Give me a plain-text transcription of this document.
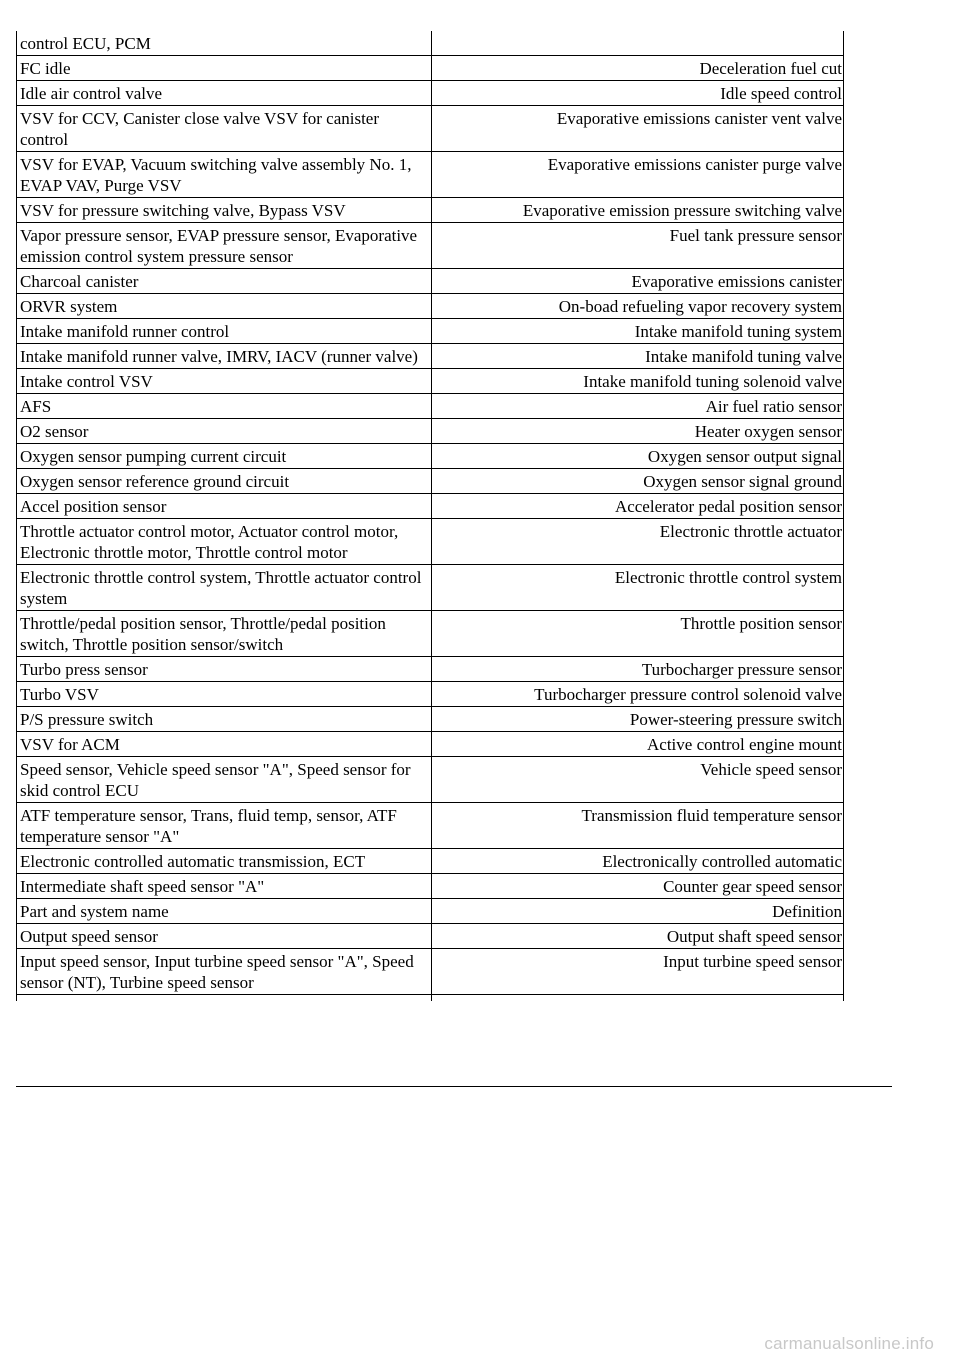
control ECU, PCM	
FC idle	Deceleration fuel cut
Idle air control valve	Idle speed control
VSV for CCV, Canister close valve VSV for canister control	Evaporative emissions canister vent valve
VSV for EVAP, Vacuum switching valve assembly No. 1, EVAP VAV, Purge VSV	Evaporative emissions canister purge valve
VSV for pressure switching valve, Bypass VSV	Evaporative emission pressure switching valve
Vapor pressure sensor, EVAP pressure sensor, Evaporative emission control system pressure sensor	Fuel tank pressure sensor
Charcoal canister	Evaporative emissions canister
ORVR system	On-boad refueling vapor recovery system
Intake manifold runner control	Intake manifold tuning system
Intake manifold runner valve, IMRV, IACV (runner valve)	Intake manifold tuning valve
Intake control VSV	Intake manifold tuning solenoid valve
AFS	Air fuel ratio sensor
O2 sensor	Heater oxygen sensor
Oxygen sensor pumping current circuit	Oxygen sensor output signal
Oxygen sensor reference ground circuit	Oxygen sensor signal ground
Accel position sensor	Accelerator pedal position sensor
Throttle actuator control motor, Actuator control motor, Electronic throttle motor, Throttle control motor	Electronic throttle actuator
Electronic throttle control system, Throttle actuator control system	Electronic throttle control system
Throttle/pedal position sensor, Throttle/pedal position switch, Throttle position sensor/switch	Throttle position sensor
Turbo press sensor	Turbocharger pressure sensor
Turbo VSV	Turbocharger pressure control solenoid valve
P/S pressure switch	Power-steering pressure switch
VSV for ACM	Active control engine mount
Speed sensor, Vehicle speed sensor "A", Speed sensor for skid control ECU	Vehicle speed sensor
ATF temperature sensor, Trans, fluid temp, sensor, ATF temperature sensor "A"	Transmission fluid temperature sensor
Electronic controlled automatic transmission, ECT	Electronically controlled automatic
Intermediate shaft speed sensor "A"	Counter gear speed sensor
Part and system name	Definition
Output speed sensor	Output shaft speed sensor
Input speed sensor, Input turbine speed sensor "A", Speed sensor (NT), Turbine speed sensor	Input turbine speed sensor

carmanualsonline.info
